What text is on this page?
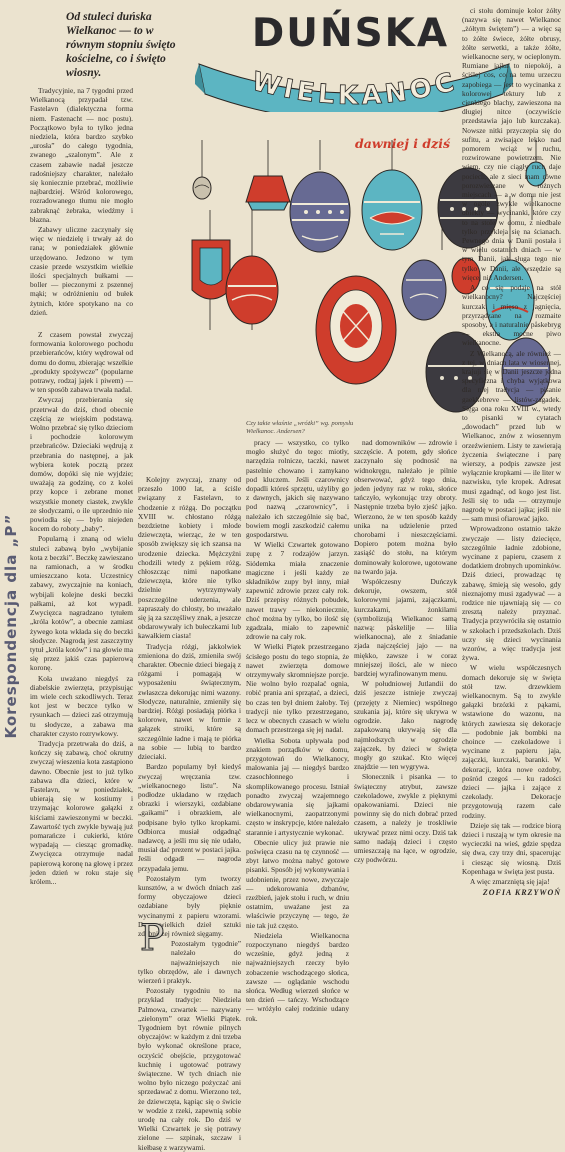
Od stuleci duńska Wielkanoc — to w równym stopniu święto kościelne, co i święto wiosny.
DUŃSKA
WIELKANOC
dawniej i dziś
Czy takie właśnie „wróżki” wg. pomysłu Wielkanoc. Andersen?
Korespondencja dla „P”

Tradycyjnie, na 7 tygodni przed Wielkanocą przypadał tzw. Fastelavn (dialektyczna forma niem. Fastenacht — noc postu). Początkowo była to tylko jedna niedziela, która bardzo szybko „urosła” do całego tygodnia, zwanego „szalonym”. Ale z czasem zabawie nadał jeszcze radośniejszy charakter, należało się koniecznie przebrać, możliwie najbardziej. Wśród kolorowego, rozradowanego tłumu nie mogło zabraknąć żebraka, wiedźmy i błazna.

Zabawy uliczne zaczynały się więc w niedzielę i trwały aż do rana; w poniedziałek głównie urzędowano. Jedzono w tym czasie przede wszystkim wielkie ilości specjalnych bułkami — boller — pieczonymi z pszennej mąki; w odróżnieniu od bułek żytnich, które spotykano na co dzień.

Z czasem powstał zwyczaj formowania kolorowego pochodu przebierańców, który wędrował od domu do domu, zbierając wszelkie „produkty spożywcze” (popularne potrawy, rodzaj jajek i piwem) — w ten sposób zabawa trwała nadal.

Zwyczaj przebierania się przetrwał do dziś, chod obecnie częścią ze wiejskim podstawą. Wolno przebrać się tylko dzieciom i pochodzie kolorowym przebrańców. Dzieciaki wędrują z przebrania do następnej, a jak wybiera kotek pocztą przez domów, dopóki się nie wyjdzie; uważają za godzinę, co z kolei przy kopce i zebrane monet wszystkie monety ciastek, zwykle ze słodyczami, o ile uprzednio nie powiodła się — było niejeden kocem do roboty „baby”.

Popularną i znaną od wielu stuleci zabawą było „wybijanie kota z beczki”. Beczkę zawieszano na ramionach, a w środku umieszczano kota. Uczestnicy zabawy, zwyczajnie na koniach, wybijali kolejne deski beczki pałkami, aż kot wypadł. Zwycięzca nagradzano tytułem „króla kotów”, a obecnie zamiast żywego kota wkłada się do beczki słodycze. Nagrodą jest zaszczytny tytuł „króla kotów” i na głowie ma się przez jakiś czas papierową koronę.

Koła uważano niegdyś za diabelskie zwierzęta, przypisując im wiele cech szkodliwych. Teraz kot jest w beczce tylko w rysunkach — dzieci zaś otrzymują tu słodycze, a zabawa ma charakter czysto rozrywkowy.

Tradycja przetrwała do dziś, a kończy się zabawą, choć okrutny zwyczaj wieszenia kota zastąpiono dawno. Obecnie jest to już tylko zabawa dla dzieci, które w Fastelavn, w poniedziałek, ubierają się w kostiumy i trzymając kolorowe gałązki z kiściami zawieszonymi w beczki. Zawartość tych zwykle bywają już pomarańcze i cukierki, które wypadają — ciesząc gromadkę. Zwycięzca otrzymuje nadal papierową koronę na głowę i przez jeden dzień w roku staje się królem...

Kolejny zwyczaj, znany od przeszło 1000 lat, a ściśle związany z Fastelavn, to chodzenie z różgą. Do początku XVIII w. chłostano różgą bezdzietne kobiety i młode dziewczęta, wierząc, że w ten sposób zwiększy się ich szansa na urodzenie dziecka. Mężczyźni chodzili wtedy z pękiem różg, chłoszcząc nimi napotkane dziewczęta, które nie tylko dzielnie wytrzymywały poszczególne uderzenia, ale zapraszały do chłosty, bo uważało się ją za szczęśliwy znak, a jeszcze obdarowywały ich bułeczkami lub kawałkiem ciasta!

Tradycja różgi, jakkolwiek zmieniona do dziś, zmieniła swój charakter. Obecnie dzieci biegają z różgami i pomagają w wyposażeniu świątecznym, zwłaszcza dekorując nimi wazony. Słodycze, naturalnie, zmieniły się bardziej. Różgi posiadają piórka i kolorowe, nawet w formie z gałązek stroiki, które są szczególnie ładne i mają te piórka na sobie — lubią to bardzo dzieciaki.

Bardzo popularny był kiedyś zwyczaj wręczania tzw. „wielkanocnego listu”. Na podłodze układano w rzędach obrazki i wierszyki, ozdabiane „gaikami” i obrazkiem, ale podpisane było tylko kropkami. Odbiorca musiał odgadnąć nadawcę, a jeśli mu się nie udało, musiał dać prezent w postaci jajka. Jeśli odgadł — nagroda przypadała jemu.

Pozostałym tym tworzy kunsztów, a w dwóch dniach zaś formy obyczajowe dzieci ozdabiane były pięknie wycinanymi z papieru wzorami. Do wielkich dzieł sztuki zdobniczej również sięgamy.

P Pozostałym tygodnie” należało do najważniejszych nie tylko obrzędów, ale i dawnych wierzeń i praktyk.

Pozostały tygodniu to na przykład tradycje: Niedziela Palmowa, czwartek — nazywany „zielonym” oraz Wielki Piątek. Tygodniem byt równie pilnych obyczajów: w każdym z dni trzeba było wykonać określone prace, oczyścić obejście, przygotować kuchnię i ugotować potrawy świąteczne. W tych dniach nie wolno było niczego pożyczać ani sprzedawać z domu. Wierzono też, że dziewczęta, kąpiąc się o świcie w wodzie z rzeki, zapewnią sobie urodę na cały rok. Do dziś w Wielki Czwartek je się potrawy zielone — szpinak, szczaw i kiełbasę z warzywami.

pracy — wszystko, co tylko mogło służyć do tego: miotły, narzędzia rolnicze, taczki, nawet pastelnie chowano i zamykano pod kluczem. Jeśli czarownicy dopadli któreś sprzętu, użyliby go z dawnych, jakich się nazywano pod nazwą „czarownicy”, i należało ich szczególnie się bać, bowiem mogli zaszkodzić całemu gospodarstwu.

W Wielki Czwartek gotowano zupę z 7 rodzajów jarzyn. Siódemka miała znaczenie magiczne i jeśli każdy ze składników zupy był inny, miał zapewnić zdrowie przez cały rok. Dziś przepisy różnych pobudek, nawet trawy — niekoniecznie, choć można by tylko, bo ilość się zgadzała, miało to zapewnić zdrowie na cały rok.

W Wielki Piątek przestrzegano ścisłego postu do tego stopnia, że nawet zwierzęta domowe otrzymywały skromniejsze porcje. Nie wolno było rozpalać ognia, robić prania ani sprzątać, a dzieci, bo czas ten był dniem żałoby. Tej tradycji nie tylko przestrzegano, lecz w obecnych czasach w wielu domach przestrzega się jej nadal.

Wielka Sobota upływała pod znakiem porządków w domu, przygotowań do Wielkanocy, malowania jaj — niegdyś bardzo czasochłonnego i skomplikowanego procesu. Istniał ponadto zwyczaj wzajemnego obdarowywania się jajkami wielkanocnymi, zaopatrzonymi często w inskrypcje, które należało starannie i artystycznie wykonać.

Obecnie ulicy już prawie nie poświęca czasu na tę czynność — zbyt łatwo można nabyć gotowe pisanki. Sposób jej wykonywania i udobnienie, przez nowe, zwyczaje — udekorowania dzbanów, rzeźbień, jajek stołu i ruch, w dniu ostatnim, uważane jest za właściwie przyczynę — tego, że nie tak już często.

Niedziela Wielkanocna rozpoczynano niegdyś bardzo wcześnie, gdyż jedną z najważniejszych rzeczy było zobaczenie wschodzącego słońca, zawsze — oglądanie wschodu słońca. Według wierzeń słońce w ten dzień — tańczy. Wschodzące — wróżyło całej rodzinie udany rok.

nad domowników — zdrowie i szczęście. A potem, gdy słońce zaczynało się podnosić na widnokręgu, należało je pilnie obserwować, gdyż tego dnia, jeden jedyny raz w roku, słońce tańczyło, wykonując trzy obroty. Następnie trzeba było zjeść jajko. Wierzono, że w ten sposób każdy unika na udzielenie przed chorobami i nieszczęściami. Dopiero potem można było zasiąść do stołu, na którym dominowały kolorowe, ugotowane na twardo jaja.

Współczesny Duńczyk dekoruje, owszem, stół kolorowymi jajami, zajączkami, kurczakami, żonkilami (symbolizują Wielkanoc samą nazwą: påskelilje — lilia wielkanocna), ale z śniadanie zjada najczęściej jajo — na miękko, zawsze i w coraz mniejszej ilości, ale w nieco bardziej wyrafinowanym menu.

W południowej Jutlandii do dziś jeszcze istnieje zwyczaj (przejęty z Niemiec) wspólnego szukania jaj, które się ukrywa w ogrodzie. Jako nagrodę zapakowaną ukrywają się dla najmłodszych w ogrodzie zajączek, by dzieci w święta mogły go szukać. Kto więcej znajdzie — ten wygrywa.

Słonecznik i pisanka — to świąteczny atrybut, zawsze czekoladowe, zwykle z pięknymi opakowaniami. Dzieci nie powinny się do nich dobrać przed czasem, a należy je troskliwie ukrywać przez nimi oczy. Dziś tak samo nadają dzieci i często umieszczają na łące, w ogrodzie, czy podwórzu.

ci stołu dominuje kolor żółty (nazywa się nawet Wielkanoc „żółtym świętem”) — a więc są to żółte świece, żółte obrusy, żółte serwetki, a także żółte, wielkanocne sery, w ocieplonym. Rumiane jajka to niepokój, a ściślej cos, co na temu urzeczu zapobiega — jest to wycinanka z kolorowej tektury lub z cienkiego blachy, zawieszona na długiej nitce (oczywiście przedstawia jajo lub kurczaka). Nowsze nitki przyczepia się do sufitu, a zwisające lekko nad pomorem wciąż w ruchu, rozwirowane powietrzem. Nie wiem, czy nie ciągły ruch daje pociech, ale z sieci mam równe porozwieszane w różnych miejscach — a w domu nie jest w ogóle zwykle wielkanocne obiekty — wycinanki, które czy to na stole w domu, z niedbale tylko przykleja się na ścianach. Pewnego dnia w Danii postała i w wielu ostatnich dniach — w tym Danii, jak sługa tego nie tylko w Danii, ale wszędzie są więcej niż Andersen.

A co się podaje na stół wielkanocny? Najczęściej kurczaki i mięso z jagnięcia, przyrządzane na rozmaite sposoby, a i naturalnie påskebryg — ekstra mocne piwo wielkanocne.

Z Wielkanocą, ale również — z tej, w dniach lata w wiosennej, krajuji się w Danii jeszcze jedna specyficzna i chyba wyjątkowa dla niej tradycja — pisanie gaekkebreve — listów-zagadek. Sięga ona roku XVIII w., wtedy to pisanki w cytatach „dowodach” przed lub w Wielkanoc, znów z wiosennym orzeźwieniem. Listy te zawierają życzenia świąteczne i parę wierszy, a podpis zawsze jest wyłącznie kropkami — ile liter w nazwisku, tyle kropek. Adresat musi zgadnąć, od kogo jest list. Jeśli się to uda — otrzymuje nagrodę w postaci jajka; jeśli nie — sam musi ofiarować jajko.

Wprowadzono ostatnio także zwyczaje — listy dziecięce, szczególnie ładnie zdobione, wycinane z papieru, czasem z dodatkiem drobnych upominków. Dziś dzieci, prowadząc tę zabawę, śmieją się wesoło, gdy nieznajomy musi zgadywać — a rodzice nie ujawniają się — co zresztą należy przyznać. Tradycja przywróciła się ostatnio w szkołach i przedszkolach. Dziś uczy się dzieci wycinania wzorów, a więc tradycja jest żywa.

W wielu współczesnych domach dekoruje się w święta stół tzw. drzewkiem wielkanocnym. Są to zwykle gałązki brzózki z pąkami, wstawione do wazonu, na których zawiesza się dekoracje — podobnie jak bombki na choince — czekoladowe i wycinane z papieru jaja, zajączki, kurczaki, baranki. W dekoracji, która nowe ozdoby, pośród czegoś — ku radości dzieci — jajka i zające z czekolady. Dekoracje przygotowują razem całe rodziny.

Dzieje się tak — rodzice biorą dzieci i ruszają w tym okresie na wycieczki na wieś, gdzie spędza się dwa, czy trzy dni, spacerując i ciesząc się wiosną. Dziś Kopenhaga w święta jest pusta.

A więc zmarzniętą się jaja!

ZOFIA KRZYWOŃ
